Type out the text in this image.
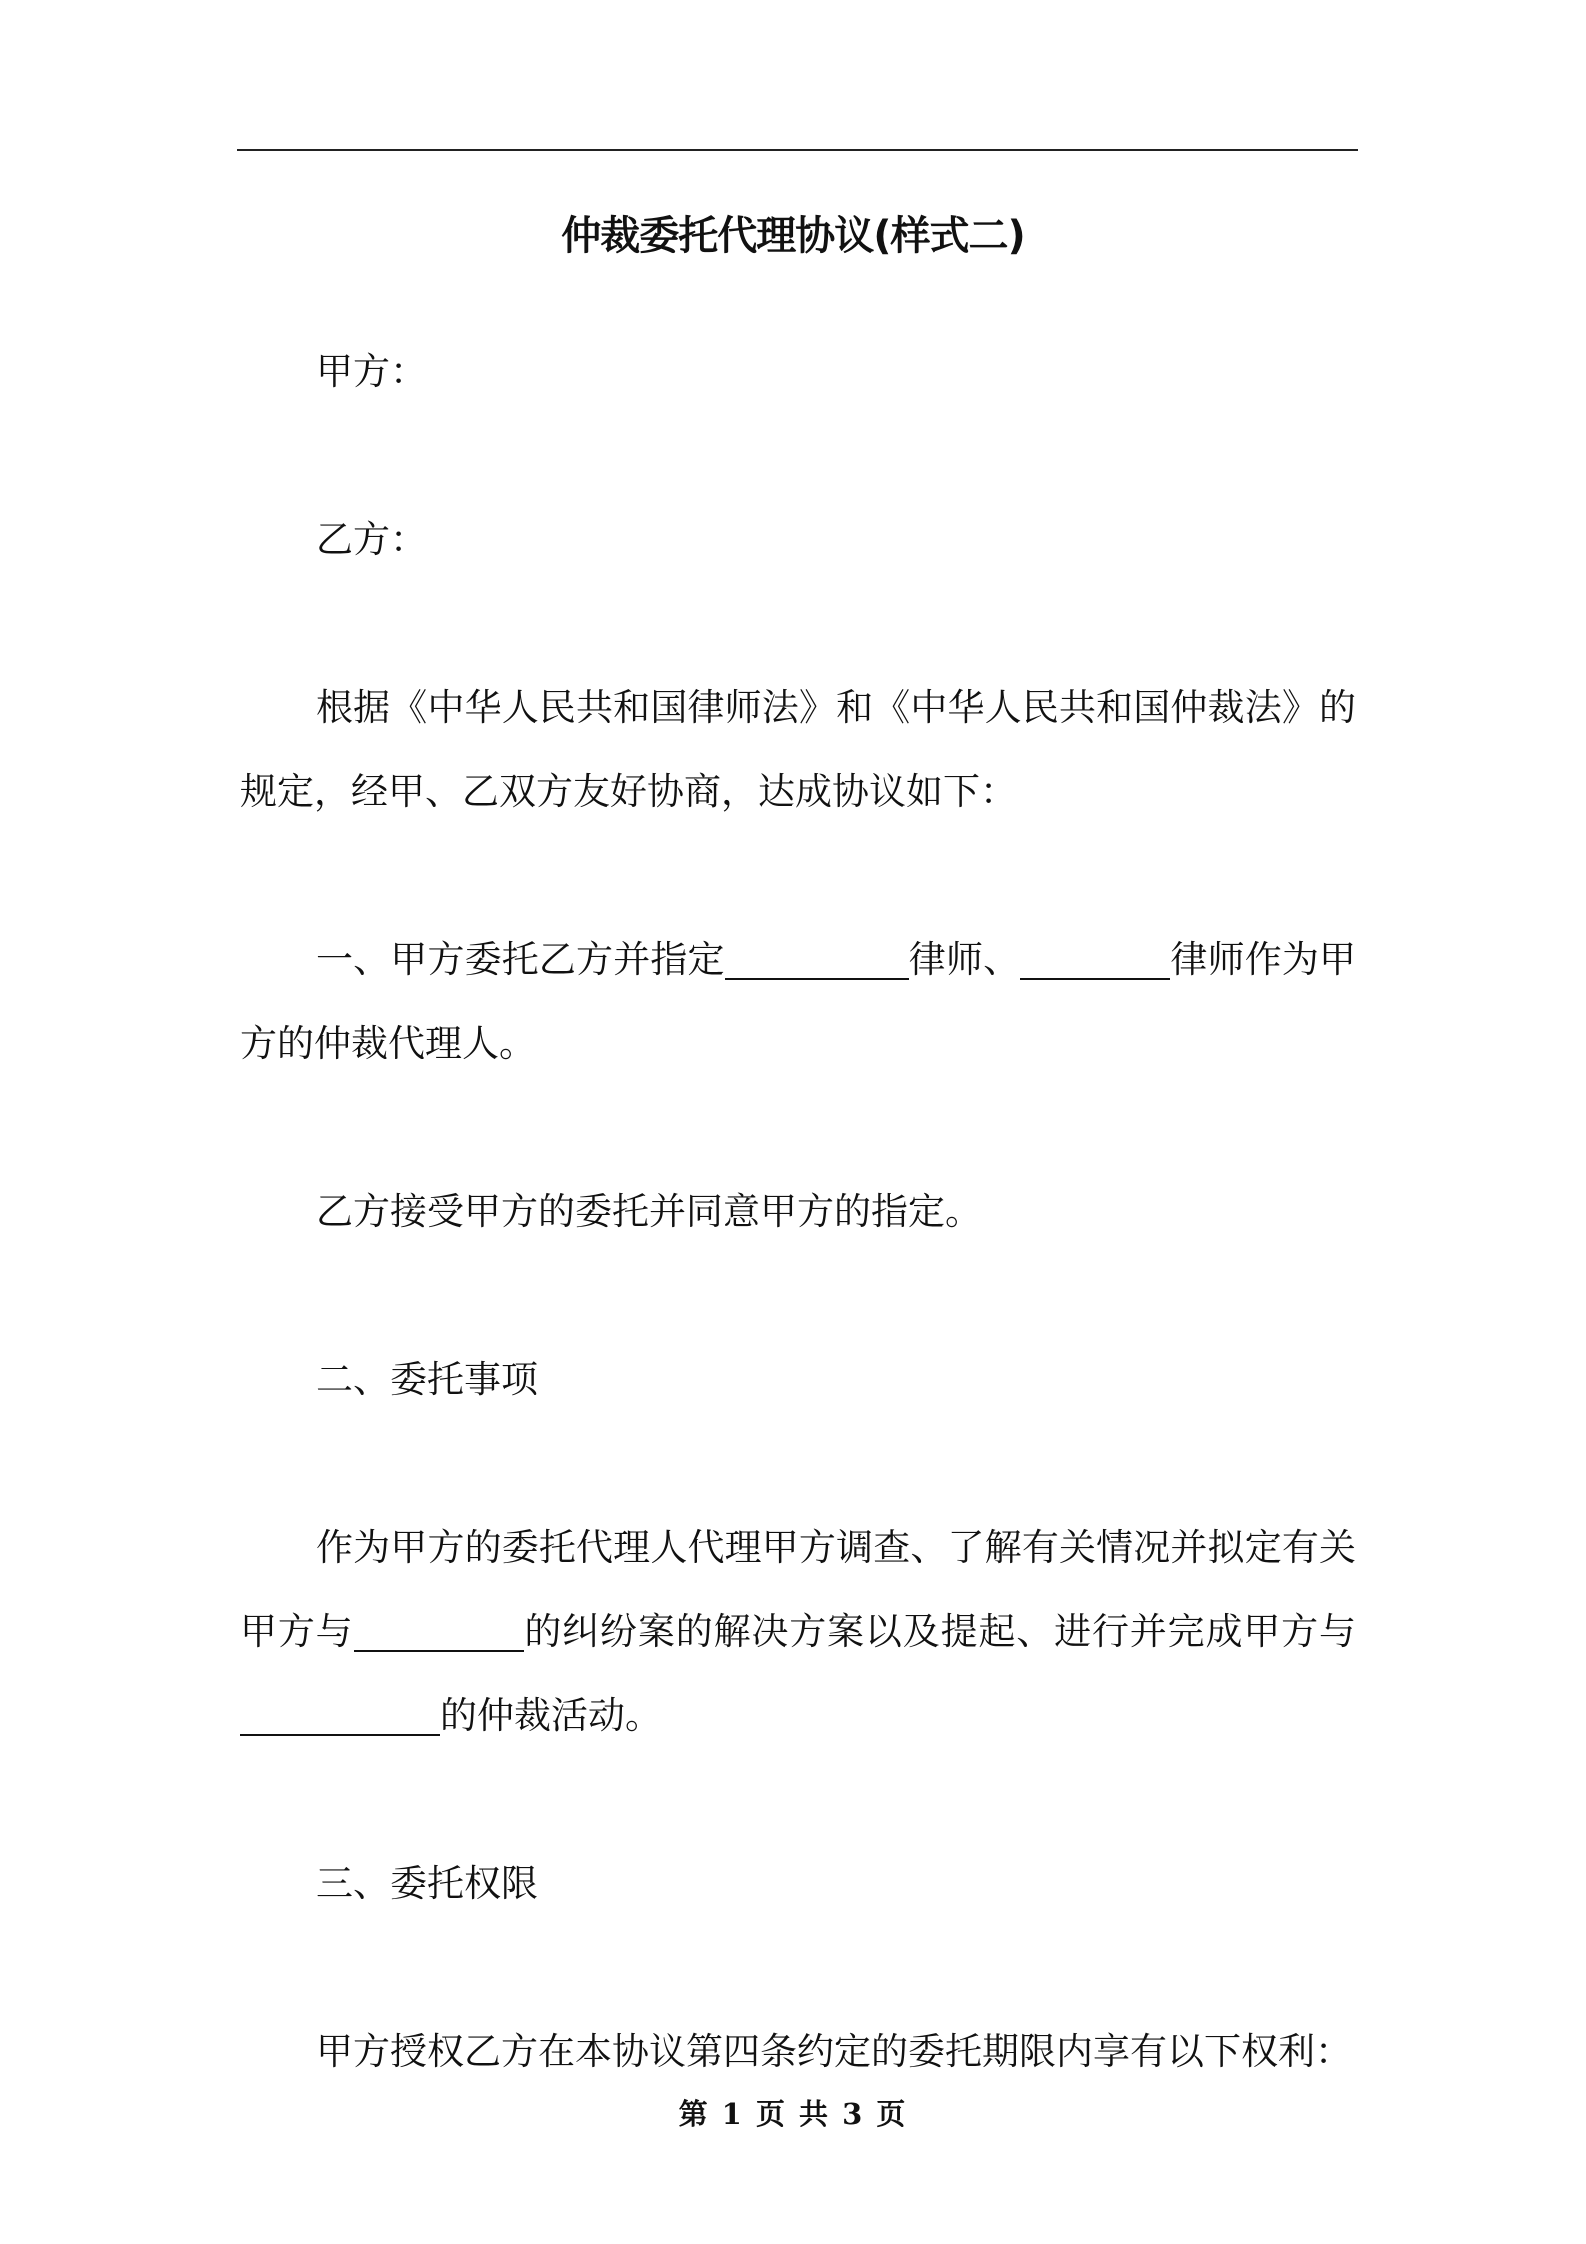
仲裁委托代理协议(样式二)

甲方：

乙方：

根据《中华人民共和国律师法》和《中华人民共和国仲裁法》的规定，经甲、乙双方友好协商，达成协议如下：

一、甲方委托乙方并指定	律师、	律师作为甲方的仲裁代理人。

乙方接受甲方的委托并同意甲方的指定。

二、委托事项

作为甲方的委托代理人代理甲方调查、了解有关情况并拟定有关甲方与	的纠纷案的解决方案以及提起、进行并完成甲方与的仲裁活动。

三、委托权限

甲方授权乙方在本协议第四条约定的委托期限内享有以下权利：

第 1 页 共 3 页
